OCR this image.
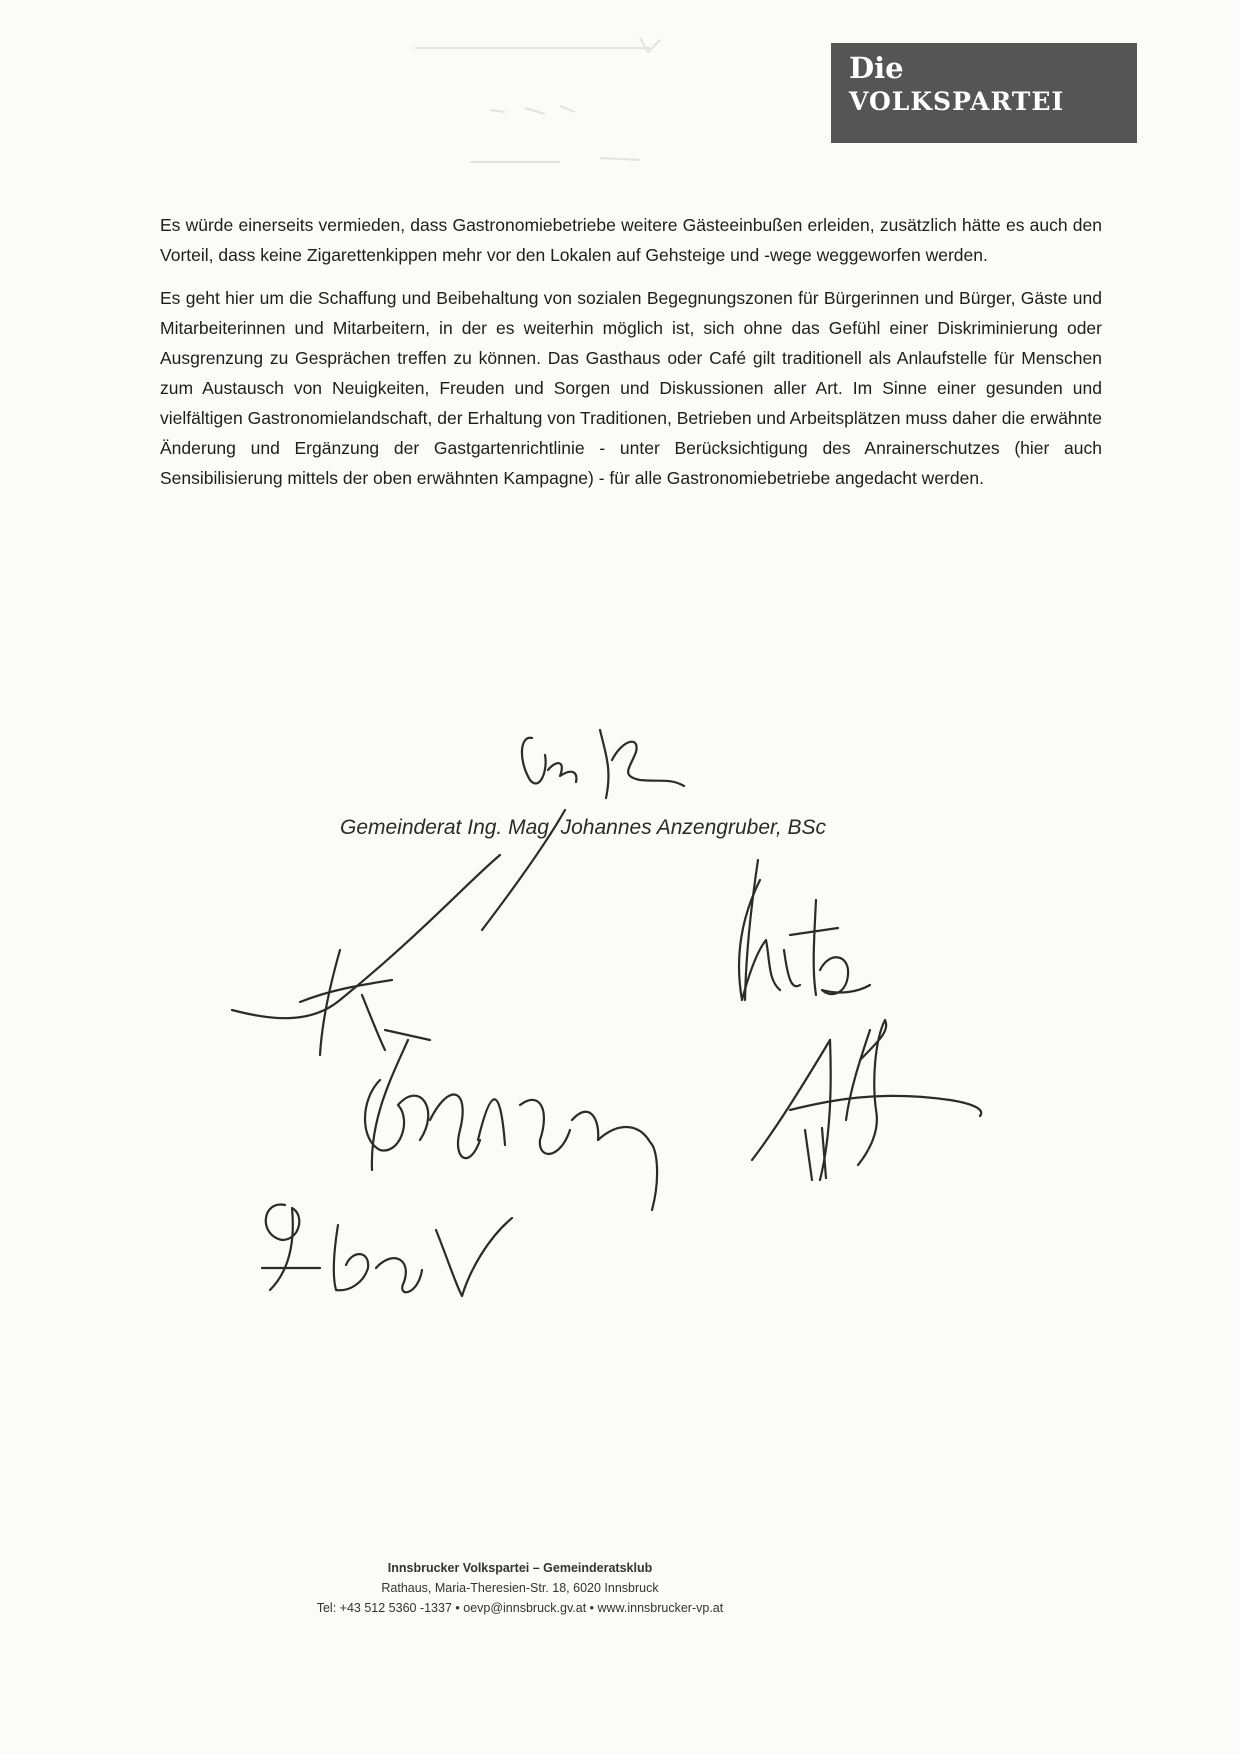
Die
VOLKSPARTEI

Es würde einerseits vermieden, dass Gastronomiebetriebe weitere Gästeeinbußen erleiden, zusätzlich hätte es auch den Vorteil, dass keine Zigarettenkippen mehr vor den Lokalen auf Gehsteige und -wege weggeworfen werden.

Es geht hier um die Schaffung und Beibehaltung von sozialen Begegnungszonen für Bürgerinnen und Bürger, Gäste und Mitarbeiterinnen und Mitarbeitern, in der es weiterhin möglich ist, sich ohne das Gefühl einer Diskriminierung oder Ausgrenzung zu Gesprächen treffen zu können. Das Gasthaus oder Café gilt traditionell als Anlaufstelle für Menschen zum Austausch von Neuigkeiten, Freuden und Sorgen und Diskussionen aller Art. Im Sinne einer gesunden und vielfältigen Gastronomielandschaft, der Erhaltung von Traditionen, Betrieben und Arbeitsplätzen muss daher die erwähnte Änderung und Ergänzung der Gastgartenrichtlinie - unter Berücksichtigung des Anrainerschutzes (hier auch Sensibilisierung mittels der oben erwähnten Kampagne) - für alle Gastronomiebetriebe angedacht werden.

Gemeinderat Ing. Mag. Johannes Anzengruber, BSc
Innsbrucker Volkspartei – Gemeinderatsklub
Rathaus, Maria-Theresien-Str. 18, 6020 Innsbruck
Tel: +43 512 5360 -1337 • oevp@innsbruck.gv.at • www.innsbrucker-vp.at
